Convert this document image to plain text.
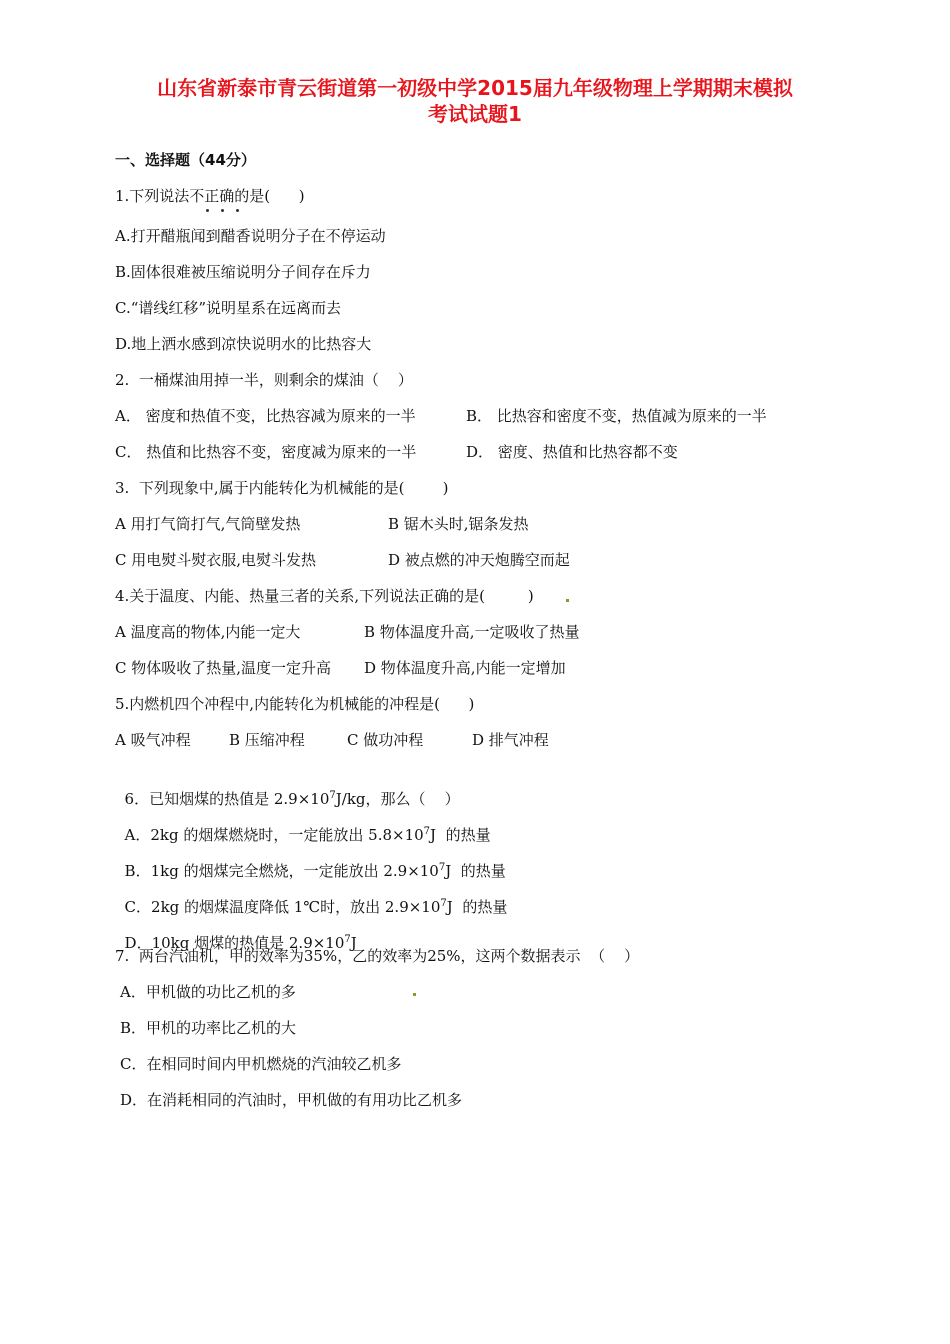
山东省新泰市青云街道第一初级中学2015届九年级物理上学期期末模拟
考试试题1
一、选择题（44分）
1.下列说法不正确的是(      )
A.打开醋瓶闻到醋香说明分子在不停运动
B.固体很难被压缩说明分子间存在斥力
C.“谱线红移”说明星系在远离而去
D.地上洒水感到凉快说明水的比热容大
2.  一桶煤油用掉一半，则剩余的煤油（    ）
A． 密度和热值不变，比热容减为原来的一半	B． 比热容和密度不变，热值减为原来的一半
C． 热值和比热容不变，密度减为原来的一半	D． 密度、热值和比热容都不变
3.  下列现象中,属于内能转化为机械能的是(        )
A 用打气筒打气,气筒壁发热	B 锯木头时,锯条发热
C 用电熨斗熨衣服,电熨斗发热	D 被点燃的冲天炮腾空而起
4.关于温度、内能、热量三者的关系,下列说法正确的是(         )
A 温度高的物体,内能一定大	B 物体温度升高,一定吸收了热量
C 物体吸收了热量,温度一定升高 D 物体温度升高,内能一定增加
5.内燃机四个冲程中,内能转化为机械能的冲程是(      )
A 吸气冲程	B 压缩冲程	C 做功冲程	D 排气冲程

6．已知烟煤的热值是 $2.9\times 10^7J/kg$，那么（    ）

A．2kg 的烟煤燃烧时，一定能放出 $5.8\times 10^7J$  的热量

B．1kg 的烟煤完全燃烧，一定能放出 $2.9\times 10^7J$  的热量

C．2kg 的烟煤温度降低 1℃时，放出 $2.9\times 10^7J$  的热量

D．10kg 烟煤的热值是 $2.9\times 10^7J$

7.  两台汽油机，甲的效率为35%，乙的效率为25%，这两个数据表示  （    ）
A．甲机做的功比乙机的多
B．甲机的功率比乙机的大
C．在相同时间内甲机燃烧的汽油较乙机多
D．在消耗相同的汽油时，甲机做的有用功比乙机多
